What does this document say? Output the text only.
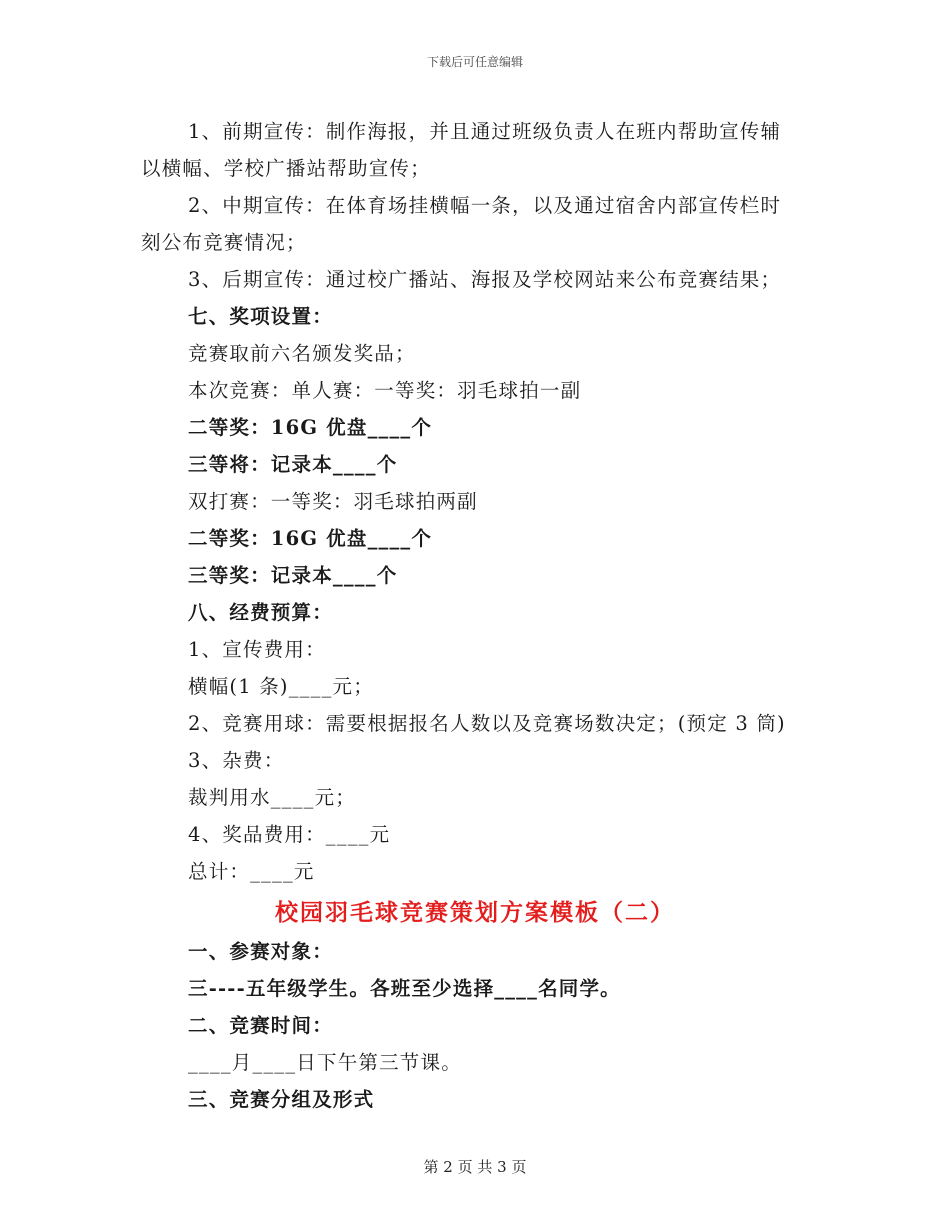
下载后可任意编辑
1、前期宣传：制作海报，并且通过班级负责人在班内帮助宣传辅
以横幅、学校广播站帮助宣传；
2、中期宣传：在体育场挂横幅一条，以及通过宿舍内部宣传栏时
刻公布竞赛情况；
3、后期宣传：通过校广播站、海报及学校网站来公布竞赛结果；
七、奖项设置：
竞赛取前六名颁发奖品；
本次竞赛：单人赛：一等奖：羽毛球拍一副
二等奖：16G 优盘____个
三等将：记录本____个
双打赛：一等奖：羽毛球拍两副
二等奖：16G 优盘____个
三等奖：记录本____个
八、经费预算：
1、宣传费用：
横幅(1 条)____元；
2、竞赛用球：需要根据报名人数以及竞赛场数决定；(预定 3 筒)
3、杂费：
裁判用水____元；
4、奖品费用：____元
总计：____元
校园羽毛球竞赛策划方案模板（二）
一、参赛对象：
三----五年级学生。各班至少选择____名同学。
二、竞赛时间：
____月____日下午第三节课。
三、竞赛分组及形式
第 2 页 共 3 页
